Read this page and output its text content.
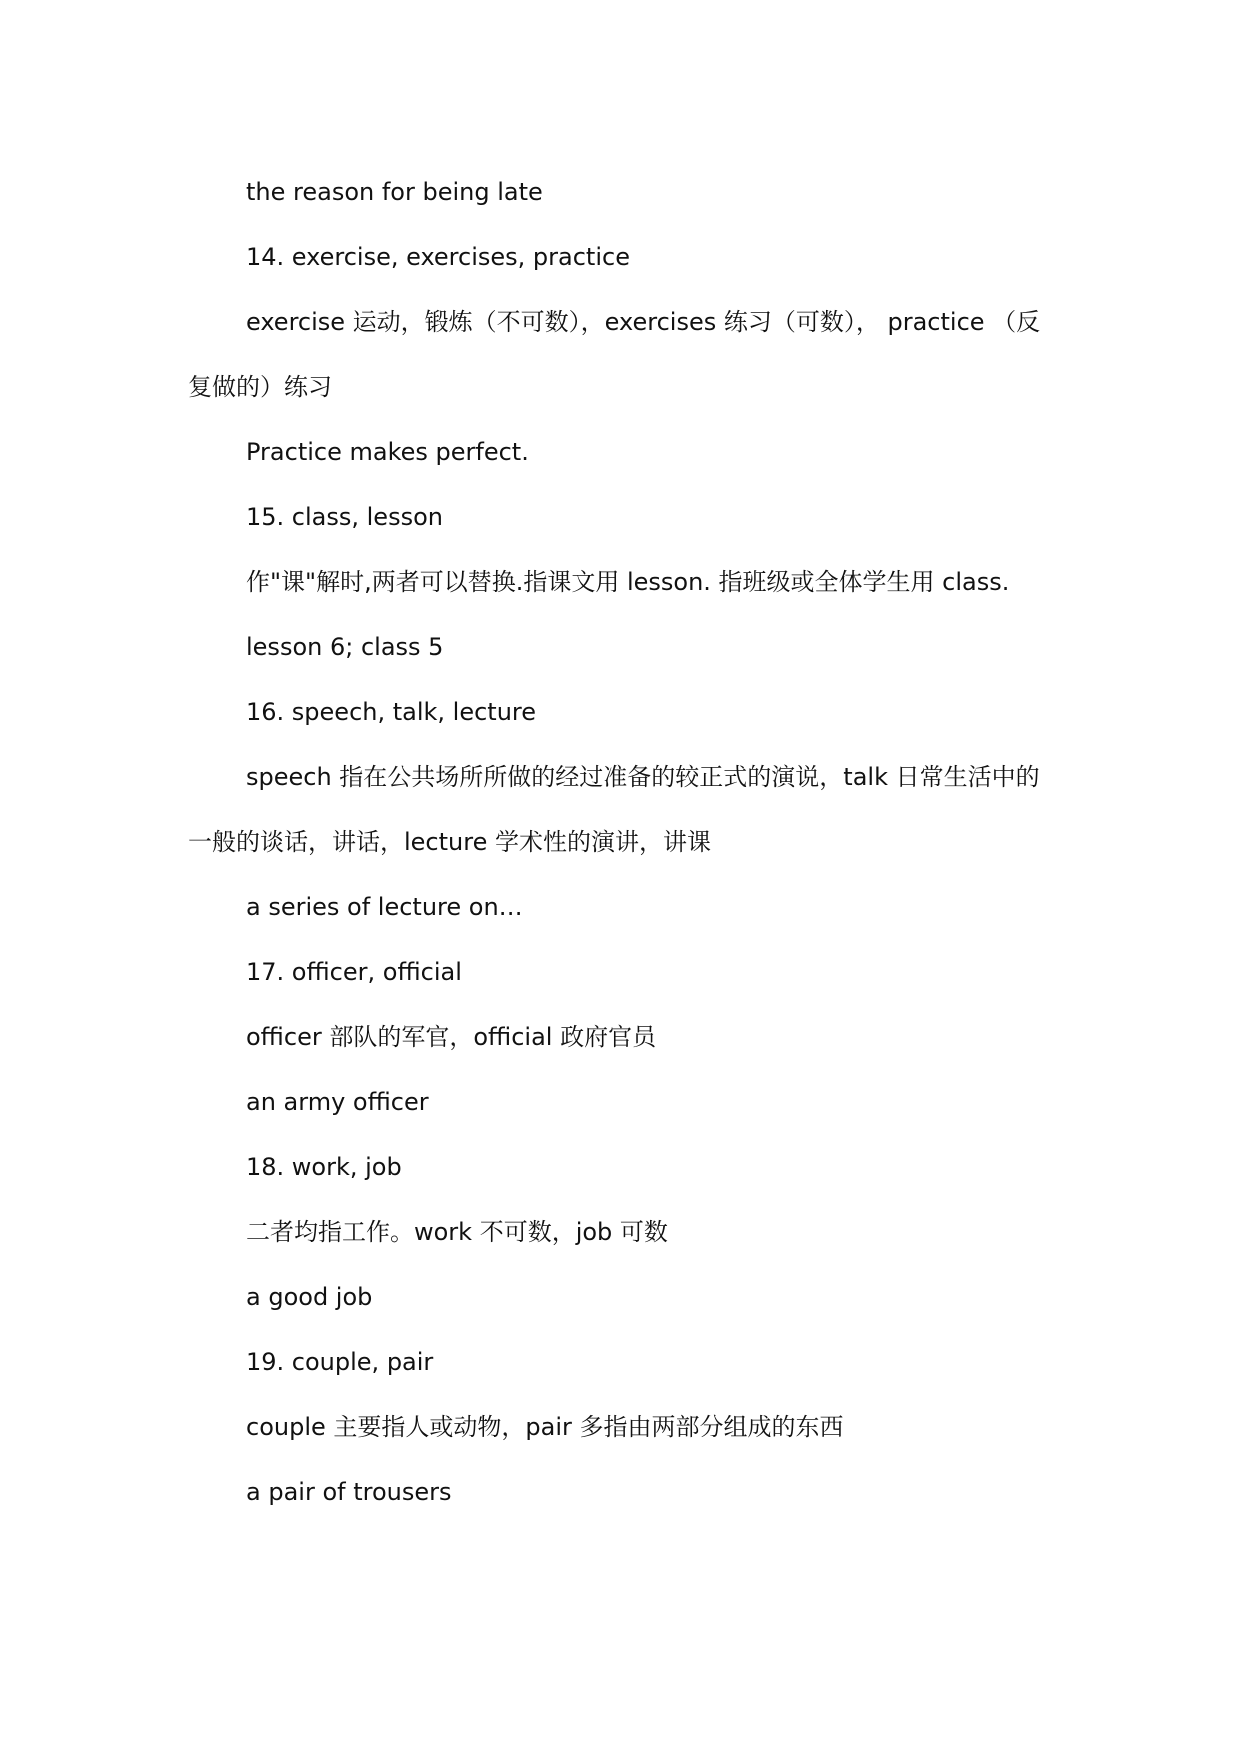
the reason for being late

14. exercise, exercises, practice

exercise 运动，锻炼（不可数），exercises 练习（可数）， practice （反复做的）练习

Practice makes perfect.

15. class, lesson

作"课"解时,两者可以替换.指课文用 lesson. 指班级或全体学生用 class.

lesson 6; class 5

16. speech, talk, lecture

speech 指在公共场所所做的经过准备的较正式的演说，talk 日常生活中的一般的谈话，讲话，lecture 学术性的演讲，讲课

a series of lecture on…

17. officer, official

officer 部队的军官，official 政府官员

an army officer

18. work, job

二者均指工作。work 不可数，job 可数

a good job

19. couple, pair

couple 主要指人或动物，pair 多指由两部分组成的东西

a pair of trousers
